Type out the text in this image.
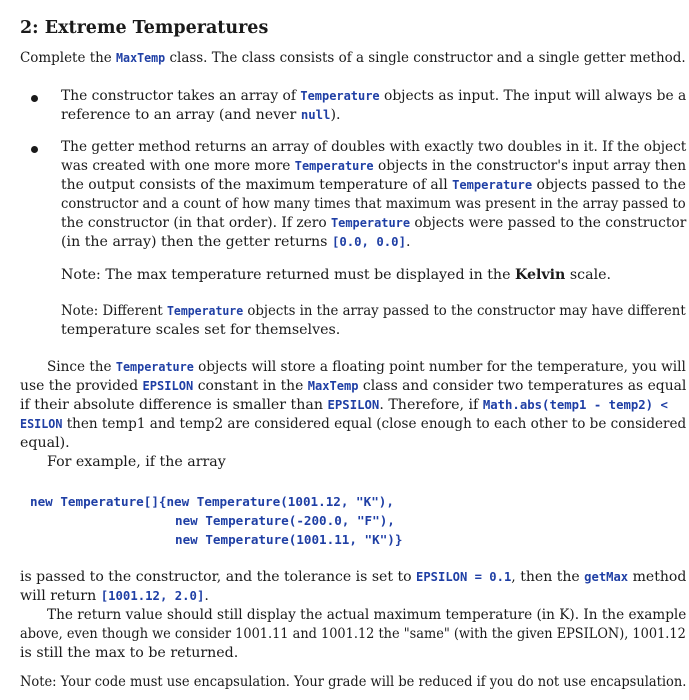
2: Extreme Temperatures
Complete the MaxTemp class. The class consists of a single constructor and a single getter method.
The constructor takes an array of Temperature objects as input. The input will always be a
reference to an array (and never null).
The getter method returns an array of doubles with exactly two doubles in it. If the object
was created with one more more Temperature objects in the constructor's input array then
the output consists of the maximum temperature of all Temperature objects passed to the
constructor and a count of how many times that maximum was present in the array passed to
the constructor (in that order). If zero Temperature objects were passed to the constructor
(in the array) then the getter returns [0.0, 0.0].
Note: The max temperature returned must be displayed in the Kelvin scale.
Note: Different Temperature objects in the array passed to the constructor may have different
temperature scales set for themselves.
Since the Temperature objects will store a floating point number for the temperature, you will
use the provided EPSILON constant in the MaxTemp class and consider two temperatures as equal
if their absolute difference is smaller than EPSILON. Therefore, if Math.abs(temp1 - temp2) <
ESILON then temp1 and temp2 are considered equal (close enough to each other to be considered
equal).
For example, if the array
new Temperature[]{new Temperature(1001.12, "K"),
new Temperature(-200.0, "F"),
new Temperature(1001.11, "K")}
is passed to the constructor, and the tolerance is set to EPSILON = 0.1, then the getMax method
will return [1001.12, 2.0].
The return value should still display the actual maximum temperature (in K). In the example
above, even though we consider 1001.11 and 1001.12 the "same" (with the given EPSILON), 1001.12
is still the max to be returned.
Note: Your code must use encapsulation. Your grade will be reduced if you do not use encapsulation.
